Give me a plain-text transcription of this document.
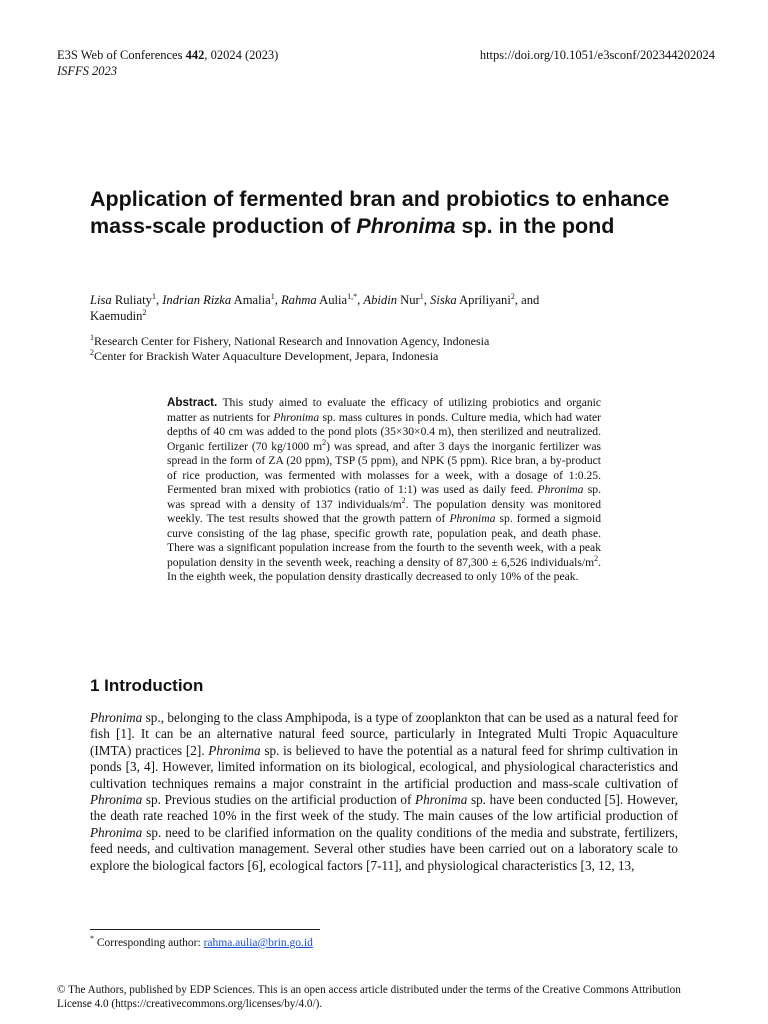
E3S Web of Conferences 442, 02024 (2023)
ISFFS 2023
https://doi.org/10.1051/e3sconf/202344202024
Application of fermented bran and probiotics to enhance mass-scale production of Phronima sp. in the pond
Lisa Ruliaty$^1$, Indrian Rizka Amalia$^1$, Rahma Aulia$^{1,*}$, Abidin Nur$^1$, Siska Apriliyani$^2$, and
Kaemudin$^2$
$^1$Research Center for Fishery, National Research and Innovation Agency, Indonesia
$^2$Center for Brackish Water Aquaculture Development, Jepara, Indonesia
Abstract. This study aimed to evaluate the efficacy of utilizing probiotics and organic matter as nutrients for Phronima sp. mass cultures in ponds. Culture media, which had water depths of 40 cm was added to the pond plots (35×30×0.4 m), then sterilized and neutralized. Organic fertilizer (70 kg/1000 $m^2$) was spread, and after 3 days the inorganic fertilizer was spread in the form of ZA (20 ppm), TSP (5 ppm), and NPK (5 ppm). Rice bran, a by-product of rice production, was fermented with molasses for a week, with a dosage of 1:0.25. Fermented bran mixed with probiotics (ratio of 1:1) was used as daily feed. Phronima sp. was spread with a density of 137 individuals/$m^2$. The population density was monitored weekly. The test results showed that the growth pattern of Phronima sp. formed a sigmoid curve consisting of the lag phase, specific growth rate, population peak, and death phase. There was a significant population increase from the fourth to the seventh week, with a peak population density in the seventh week, reaching a density of 87,300 ± 6,526 individuals/$m^2$. In the eighth week, the population density drastically decreased to only 10% of the peak.
1 Introduction
Phronima sp., belonging to the class Amphipoda, is a type of zooplankton that can be used as a natural feed for fish [1]. It can be an alternative natural feed source, particularly in Integrated Multi Tropic Aquaculture (IMTA) practices [2]. Phronima sp. is believed to have the potential as a natural feed for shrimp cultivation in ponds [3, 4]. However, limited information on its biological, ecological, and physiological characteristics and cultivation techniques remains a major constraint in the artificial production and mass-scale cultivation of Phronima sp. Previous studies on the artificial production of Phronima sp. have been conducted [5]. However, the death rate reached 10% in the first week of the study. The main causes of the low artificial production of Phronima sp. need to be clarified information on the quality conditions of the media and substrate, fertilizers, feed needs, and cultivation management. Several other studies have been carried out on a laboratory scale to explore the biological factors [6], ecological factors [7-11], and physiological characteristics [3, 12, 13,
* Corresponding author: rahma.aulia@brin.go.id
© The Authors, published by EDP Sciences. This is an open access article distributed under the terms of the Creative Commons Attribution License 4.0 (https://creativecommons.org/licenses/by/4.0/).
